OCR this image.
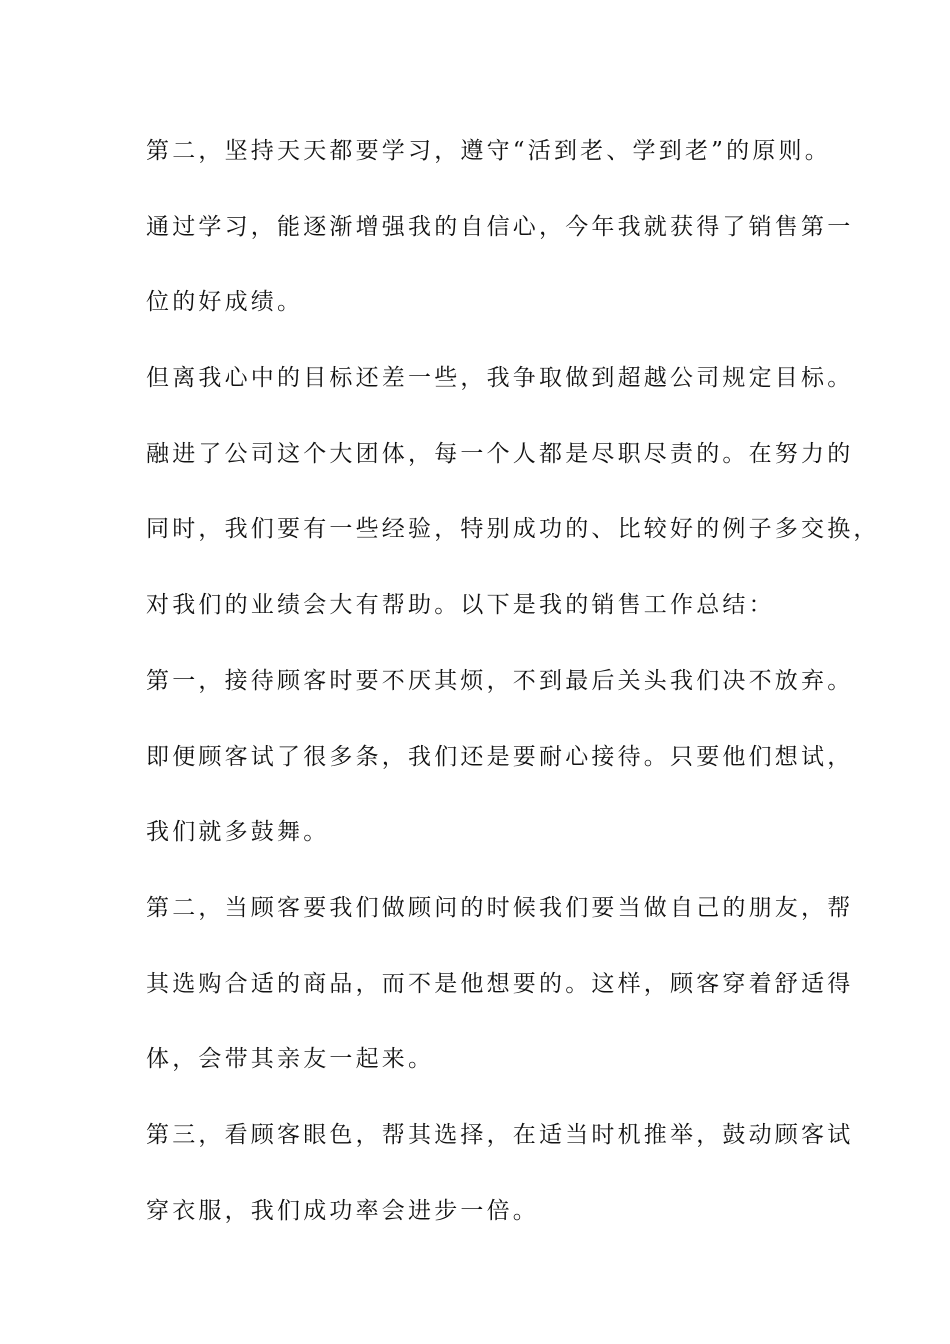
第二，坚持天天都要学习，遵守“活到老、学到老”的原则。
通过学习，能逐渐增强我的自信心，今年我就获得了销售第一
位的好成绩。
但离我心中的目标还差一些，我争取做到超越公司规定目标。
融进了公司这个大团体，每一个人都是尽职尽责的。在努力的
同时，我们要有一些经验，特别成功的、比较好的例子多交换，
对我们的业绩会大有帮助。以下是我的销售工作总结：
第一，接待顾客时要不厌其烦，不到最后关头我们决不放弃。
即便顾客试了很多条，我们还是要耐心接待。只要他们想试，
我们就多鼓舞。
第二，当顾客要我们做顾问的时候我们要当做自己的朋友，帮
其选购合适的商品，而不是他想要的。这样，顾客穿着舒适得
体，会带其亲友一起来。
第三，看顾客眼色，帮其选择，在适当时机推举，鼓动顾客试
穿衣服，我们成功率会进步一倍。
